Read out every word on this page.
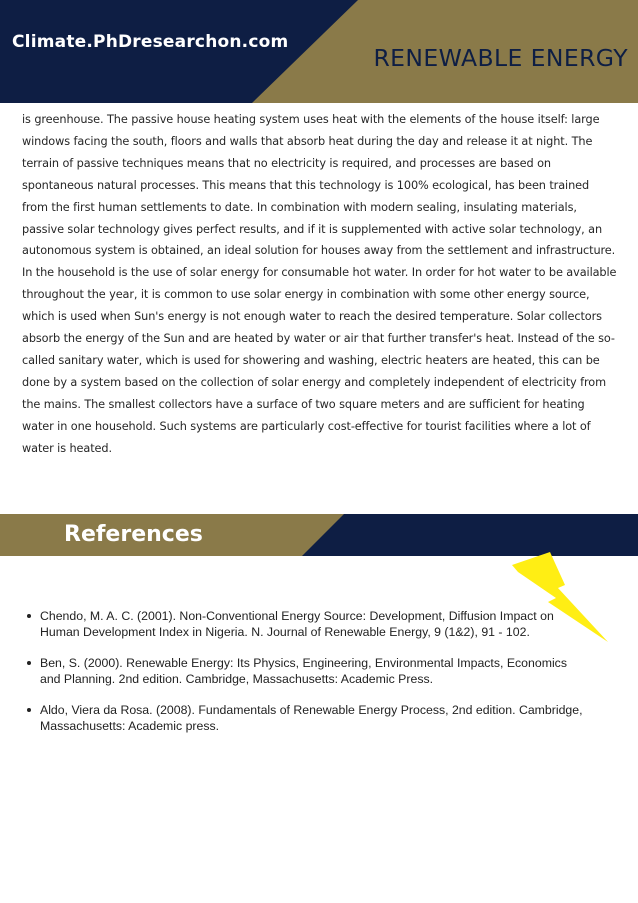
Climate.PhDresearchon.com
RENEWABLE ENERGY

is greenhouse. The passive house heating system uses heat with the elements of the house itself: large windows facing the south, floors and walls that absorb heat during the day and release it at night. The terrain of passive techniques means that no electricity is required, and processes are based on spontaneous natural processes. This means that this technology is 100% ecological, has been trained from the first human settlements to date. In combination with modern sealing, insulating materials, passive solar technology gives perfect results, and if it is supplemented with active solar technology, an autonomous system is obtained, an ideal solution for houses away from the settlement and infrastructure. In the household is the use of solar energy for consumable hot water. In order for hot water to be available throughout the year, it is common to use solar energy in combination with some other energy source, which is used when Sun's energy is not enough water to reach the desired temperature. Solar collectors absorb the energy of the Sun and are heated by water or air that further transfer's heat. Instead of the so-called sanitary water, which is used for showering and washing, electric heaters are heated, this can be done by a system based on the collection of solar energy and completely independent of electricity from the mains. The smallest collectors have a surface of two square meters and are sufficient for heating water in one household. Such systems are particularly cost-effective for tourist facilities where a lot of water is heated.

References
Chendo, M. A. C. (2001). Non-Conventional Energy Source: Development, Diffusion Impact on Human Development Index in Nigeria. N. Journal of Renewable Energy, 9 (1&2), 91 - 102.
Ben, S. (2000). Renewable Energy: Its Physics, Engineering, Environmental Impacts, Economics and Planning. 2nd edition. Cambridge, Massachusetts: Academic Press.
Aldo, Viera da Rosa. (2008). Fundamentals of Renewable Energy Process, 2nd edition. Cambridge, Massachusetts: Academic press.
